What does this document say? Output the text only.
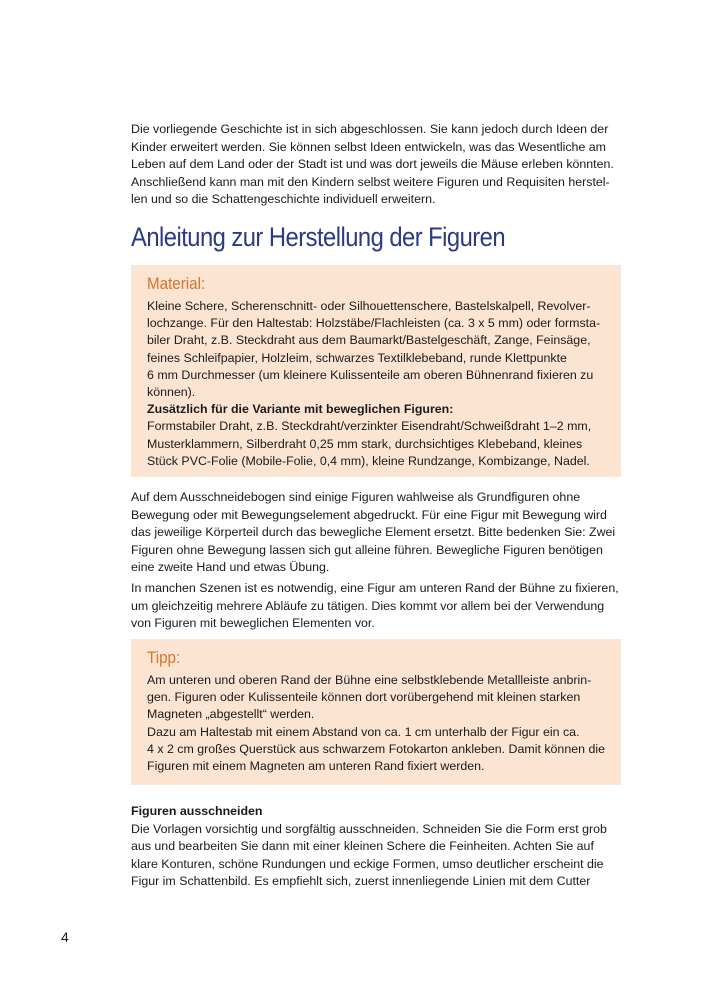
Die vorliegende Geschichte ist in sich abgeschlossen. Sie kann jedoch durch Ideen der
Kinder erweitert werden. Sie können selbst Ideen entwickeln, was das Wesentliche am
Leben auf dem Land oder der Stadt ist und was dort jeweils die Mäuse erleben könnten.
Anschließend kann man mit den Kindern selbst weitere Figuren und Requisiten herstel-
len und so die Schattengeschichte individuell erweitern.

Anleitung zur Herstellung der Figuren
Material:

Kleine Schere, Scherenschnitt- oder Silhouettenschere, Bastelskalpell, Revolver-
lochzange. Für den Haltestab: Holzstäbe/Flachleisten (ca. 3 x 5 mm) oder formsta-
biler Draht, z.B. Steckdraht aus dem Baumarkt/Bastelgeschäft, Zange, Feinsäge,
feines Schleifpapier, Holzleim, schwarzes Textilklebeband, runde Klettpunkte
6 mm Durchmesser (um kleinere Kulissenteile am oberen Bühnenrand fixieren zu
können).
Zusätzlich für die Variante mit beweglichen Figuren:
Formstabiler Draht, z.B. Steckdraht/verzinkter Eisendraht/Schweißdraht 1–2 mm,
Musterklammern, Silberdraht 0,25 mm stark, durchsichtiges Klebeband, kleines
Stück PVC-Folie (Mobile-Folie, 0,4 mm), kleine Rundzange, Kombizange, Nadel.

Auf dem Ausschneidebogen sind einige Figuren wahlweise als Grundfiguren ohne
Bewegung oder mit Bewegungselement abgedruckt. Für eine Figur mit Bewegung wird
das jeweilige Körperteil durch das bewegliche Element ersetzt. Bitte bedenken Sie: Zwei
Figuren ohne Bewegung lassen sich gut alleine führen. Bewegliche Figuren benötigen
eine zweite Hand und etwas Übung.

In manchen Szenen ist es notwendig, eine Figur am unteren Rand der Bühne zu fixieren,
um gleichzeitig mehrere Abläufe zu tätigen. Dies kommt vor allem bei der Verwendung
von Figuren mit beweglichen Elementen vor.

Tipp:

Am unteren und oberen Rand der Bühne eine selbstklebende Metallleiste anbrin-
gen. Figuren oder Kulissenteile können dort vorübergehend mit kleinen starken
Magneten „abgestellt“ werden.
Dazu am Haltestab mit einem Abstand von ca. 1 cm unterhalb der Figur ein ca.
4 x 2 cm großes Querstück aus schwarzem Fotokarton ankleben. Damit können die
Figuren mit einem Magneten am unteren Rand fixiert werden.

Figuren ausschneiden
Die Vorlagen vorsichtig und sorgfältig ausschneiden. Schneiden Sie die Form erst grob
aus und bearbeiten Sie dann mit einer kleinen Schere die Feinheiten. Achten Sie auf
klare Konturen, schöne Rundungen und eckige Formen, umso deutlicher erscheint die
Figur im Schattenbild. Es empfiehlt sich, zuerst innenliegende Linien mit dem Cutter

4
